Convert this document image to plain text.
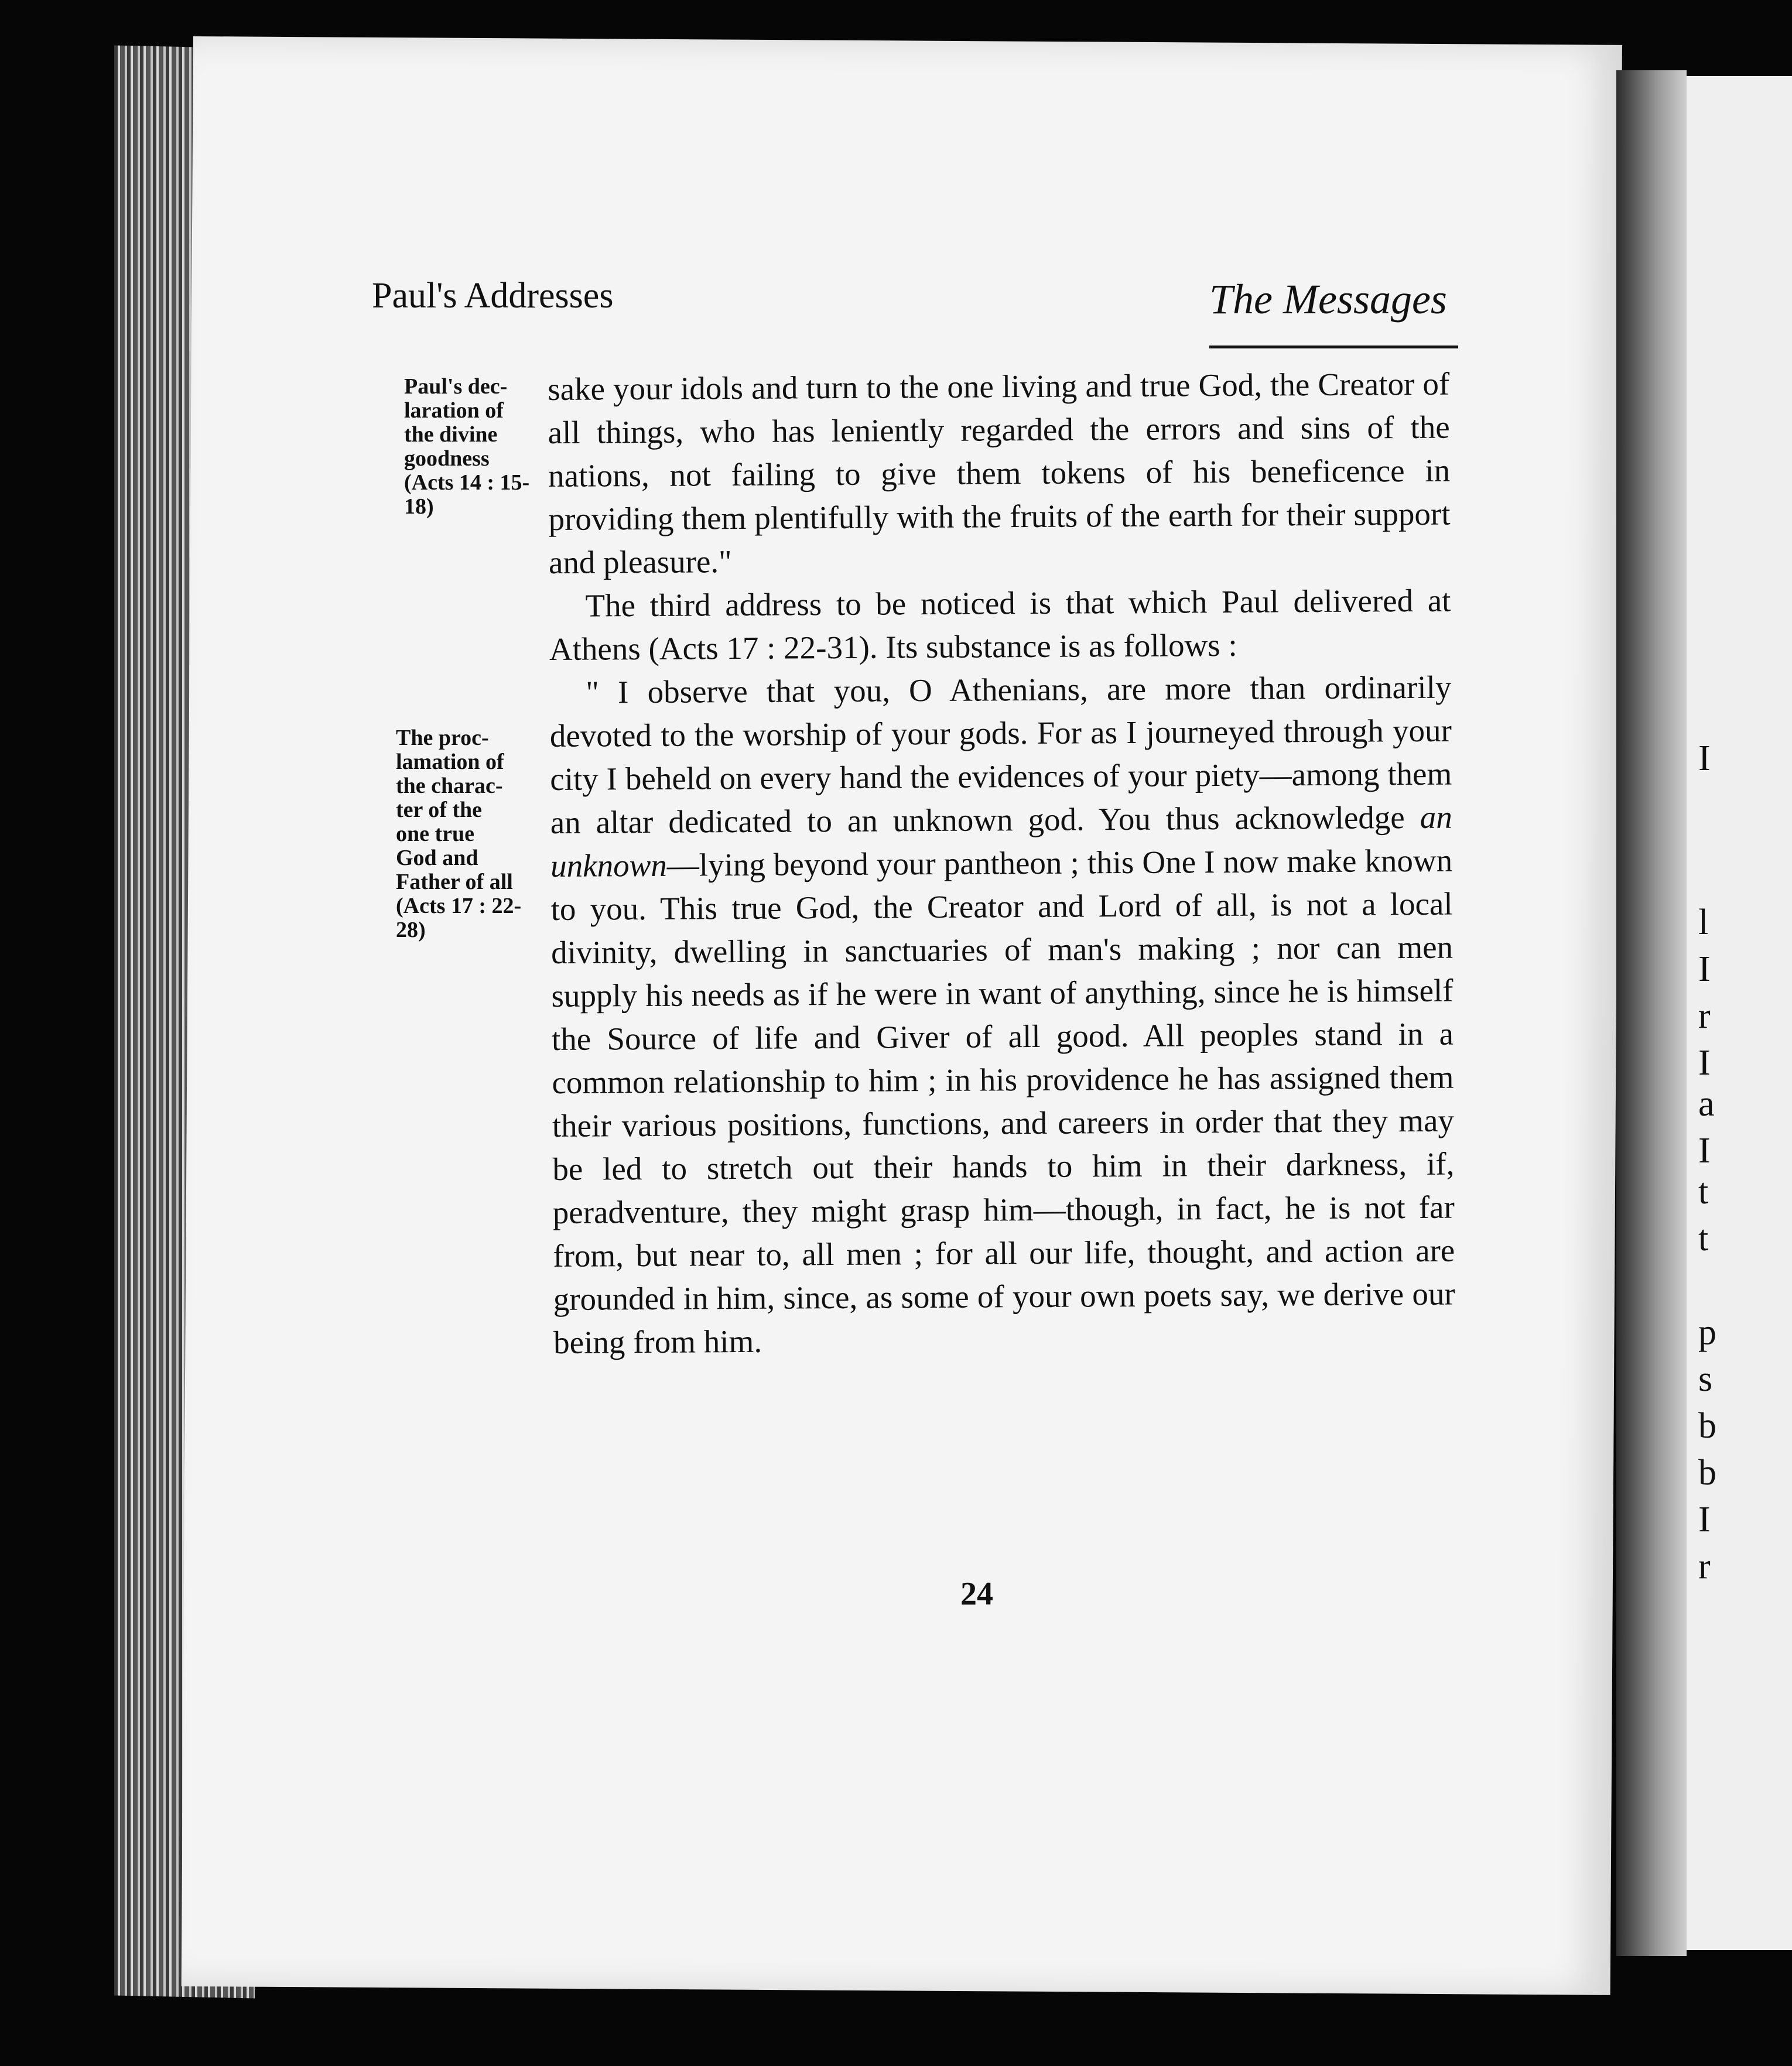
I
l
I
r
I
a
I
t
t
p
s
b
b
I
r
Paul's Addresses	The Messages
Paul's dec-
laration of
the divine
goodness
(Acts 14 : 15-
18)
The proc-
lamation of
the charac-
ter of the
one true
God and
Father of all
(Acts 17 : 22-
28)

sake your idols and turn to the one living and true God, the Creator of all things, who has leniently regarded the errors and sins of the nations, not failing to give them tokens of his beneficence in providing them plentifully with the fruits of the earth for their support and pleasure."

The third address to be noticed is that which Paul delivered at Athens (Acts 17 : 22-31). Its substance is as follows :

" I observe that you, O Athenians, are more than ordinarily devoted to the worship of your gods. For as I journeyed through your city I beheld on every hand the evidences of your piety—among them an altar dedicated to an unknown god. You thus acknowledge an unknown—lying beyond your pantheon ; this One I now make known to you. This true God, the Creator and Lord of all, is not a local divinity, dwelling in sanctuaries of man's making ; nor can men supply his needs as if he were in want of anything, since he is himself the Source of life and Giver of all good. All peoples stand in a common relationship to him ; in his providence he has assigned them their various positions, functions, and careers in order that they may be led to stretch out their hands to him in their darkness, if, peradventure, they might grasp him—though, in fact, he is not far from, but near to, all men ; for all our life, thought, and action are grounded in him, since, as some of your own poets say, we derive our being from him.

24
